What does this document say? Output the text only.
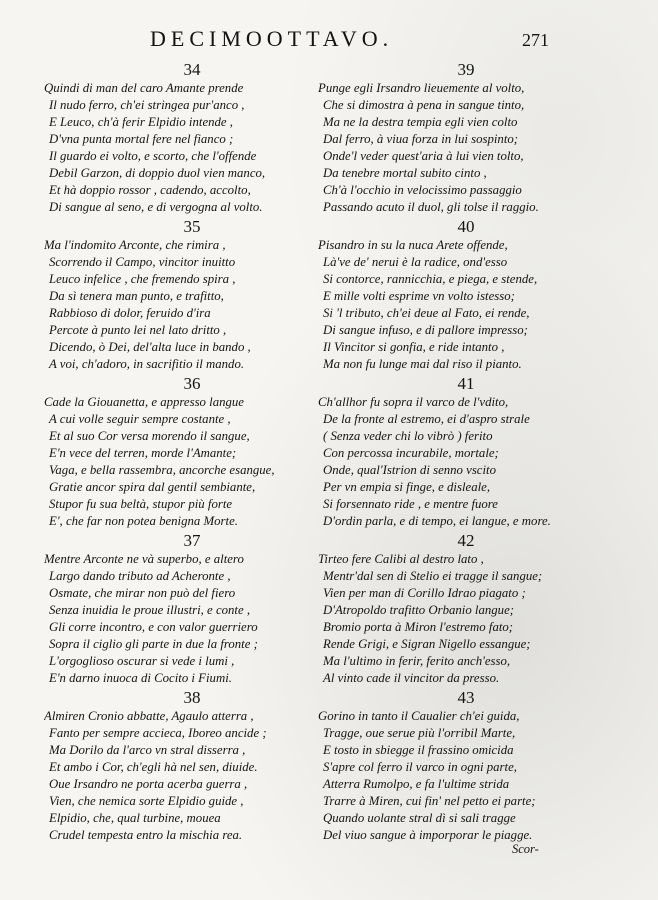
DECIMOOTTAVO.	271
34
Quindi di man del caro Amante prende
Il nudo ferro, ch'ei stringea pur'anco ,
E Leuco, ch'à ferir Elpidio intende ,
D'vna punta mortal fere nel fianco ;
Il guardo ei volto, e scorto, che l'offende
Debil Garzon, di doppio duol vien manco,
Et hà doppio rossor , cadendo, accolto,
Di sangue al seno, e di vergogna al volto.
35
Ma l'indomito Arconte, che rimira ,
Scorrendo il Campo, vincitor inuitto
Leuco infelice , che fremendo spira ,
Da sì tenera man punto, e trafitto,
Rabbioso di dolor, feruido d'ira
Percote à punto lei nel lato dritto ,
Dicendo, ò Dei, del'alta luce in bando ,
A voi, ch'adoro, in sacrifitio il mando.
36
Cade la Giouanetta, e appresso langue
A cui volle seguir sempre costante ,
Et al suo Cor versa morendo il sangue,
E'n vece del terren, morde l'Amante;
Vaga, e bella rassembra, ancorche esangue,
Gratie ancor spira dal gentil sembiante,
Stupor fu sua beltà, stupor più forte
E', che far non potea benigna Morte.
37
Mentre Arconte ne và superbo, e altero
Largo dando tributo ad Acheronte ,
Osmate, che mirar non può del fiero
Senza inuidia le proue illustri, e conte ,
Gli corre incontro, e con valor guerriero
Sopra il ciglio gli parte in due la fronte ;
L'orgoglioso oscurar si vede i lumi ,
E'n darno inuoca di Cocito i Fiumi.
38
Almiren Cronio abbatte, Agaulo atterra ,
Fanto per sempre accieca, Iboreo ancide ;
Ma Dorilo da l'arco vn stral disserra ,
Et ambo i Cor, ch'egli hà nel sen, diuide.
Oue Irsandro ne porta acerba guerra ,
Vien, che nemica sorte Elpidio guide ,
Elpidio, che, qual turbine, mouea
Crudel tempesta entro la mischia rea.
39
Punge egli Irsandro lieuemente al volto,
Che si dimostra à pena in sangue tinto,
Ma ne la destra tempia egli vien colto
Dal ferro, à viua forza in lui sospinto;
Onde'l veder quest'aria à lui vien tolto,
Da tenebre mortal subito cinto ,
Ch'à l'occhio in velocissimo passaggio
Passando acuto il duol, gli tolse il raggio.
40
Pisandro in su la nuca Arete offende,
Là've de' nerui è la radice, ond'esso
Si contorce, rannicchia, e piega, e stende,
E mille volti esprime vn volto istesso;
Si 'l tributo, ch'ei deue al Fato, ei rende,
Di sangue infuso, e di pallore impresso;
Il Vincitor si gonfia, e ride intanto ,
Ma non fu lunge mai dal riso il pianto.
41
Ch'allhor fu sopra il varco de l'vdito,
De la fronte al estremo, ei d'aspro strale
( Senza veder chi lo vibrò ) ferito
Con percossa incurabile, mortale;
Onde, qual'Istrion di senno vscito
Per vn empia si finge, e disleale,
Si forsennato ride , e mentre fuore
D'ordin parla, e di tempo, ei langue, e more.
42
Tirteo fere Calibi al destro lato ,
Mentr'dal sen di Stelio ei tragge il sangue;
Vien per man di Corillo Idrao piagato ;
D'Atropoldo trafitto Orbanio langue;
Bromio porta à Miron l'estremo fato;
Rende Grigi, e Sigran Nigello essangue;
Ma l'ultimo in ferir, ferito anch'esso,
Al vinto cade il vincitor da presso.
43
Gorino in tanto il Caualier ch'ei guida,
Tragge, oue serue più l'orribil Marte,
E tosto in sbiegge il frassino omicida
S'apre col ferro il varco in ogni parte,
Atterra Rumolpo, e fa l'ultime strida
Trarre à Miren, cui fin' nel petto ei parte;
Quando uolante stral dì si sali tragge
Del viuo sangue à imporporar le piagge.
Scor-
